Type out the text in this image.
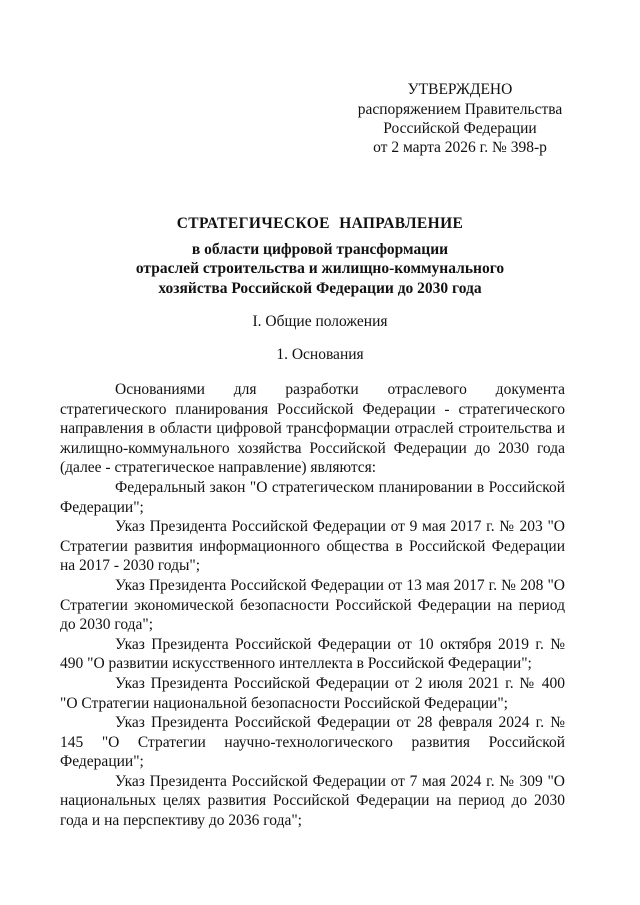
УТВЕРЖДЕНО
распоряжением Правительства
Российской Федерации
от 2 марта 2026 г. № 398-р
СТРАТЕГИЧЕСКОЕ НАПРАВЛЕНИЕ
в области цифровой трансформации
отраслей строительства и жилищно-коммунального
хозяйства Российской Федерации до 2030 года
I. Общие положения
1. Основания

Основаниями для разработки отраслевого документа стратегического планирования Российской Федерации - стратегического направления в области цифровой трансформации отраслей строительства и жилищно-коммунального хозяйства Российской Федерации до 2030 года (далее - стратегическое направление) являются:

Федеральный закон "О стратегическом планировании в Российской Федерации";

Указ Президента Российской Федерации от 9 мая 2017 г. № 203 "О Стратегии развития информационного общества в Российской Федерации на 2017 - 2030 годы";

Указ Президента Российской Федерации от 13 мая 2017 г. № 208 "О Стратегии экономической безопасности Российской Федерации на период до 2030 года";

Указ Президента Российской Федерации от 10 октября 2019 г. № 490 "О развитии искусственного интеллекта в Российской Федерации";

Указ Президента Российской Федерации от 2 июля 2021 г. № 400 "О Стратегии национальной безопасности Российской Федерации";

Указ Президента Российской Федерации от 28 февраля 2024 г. № 145 "О Стратегии научно-технологического развития Российской Федерации";

Указ Президента Российской Федерации от 7 мая 2024 г. № 309 "О национальных целях развития Российской Федерации на период до 2030 года и на перспективу до 2036 года";
